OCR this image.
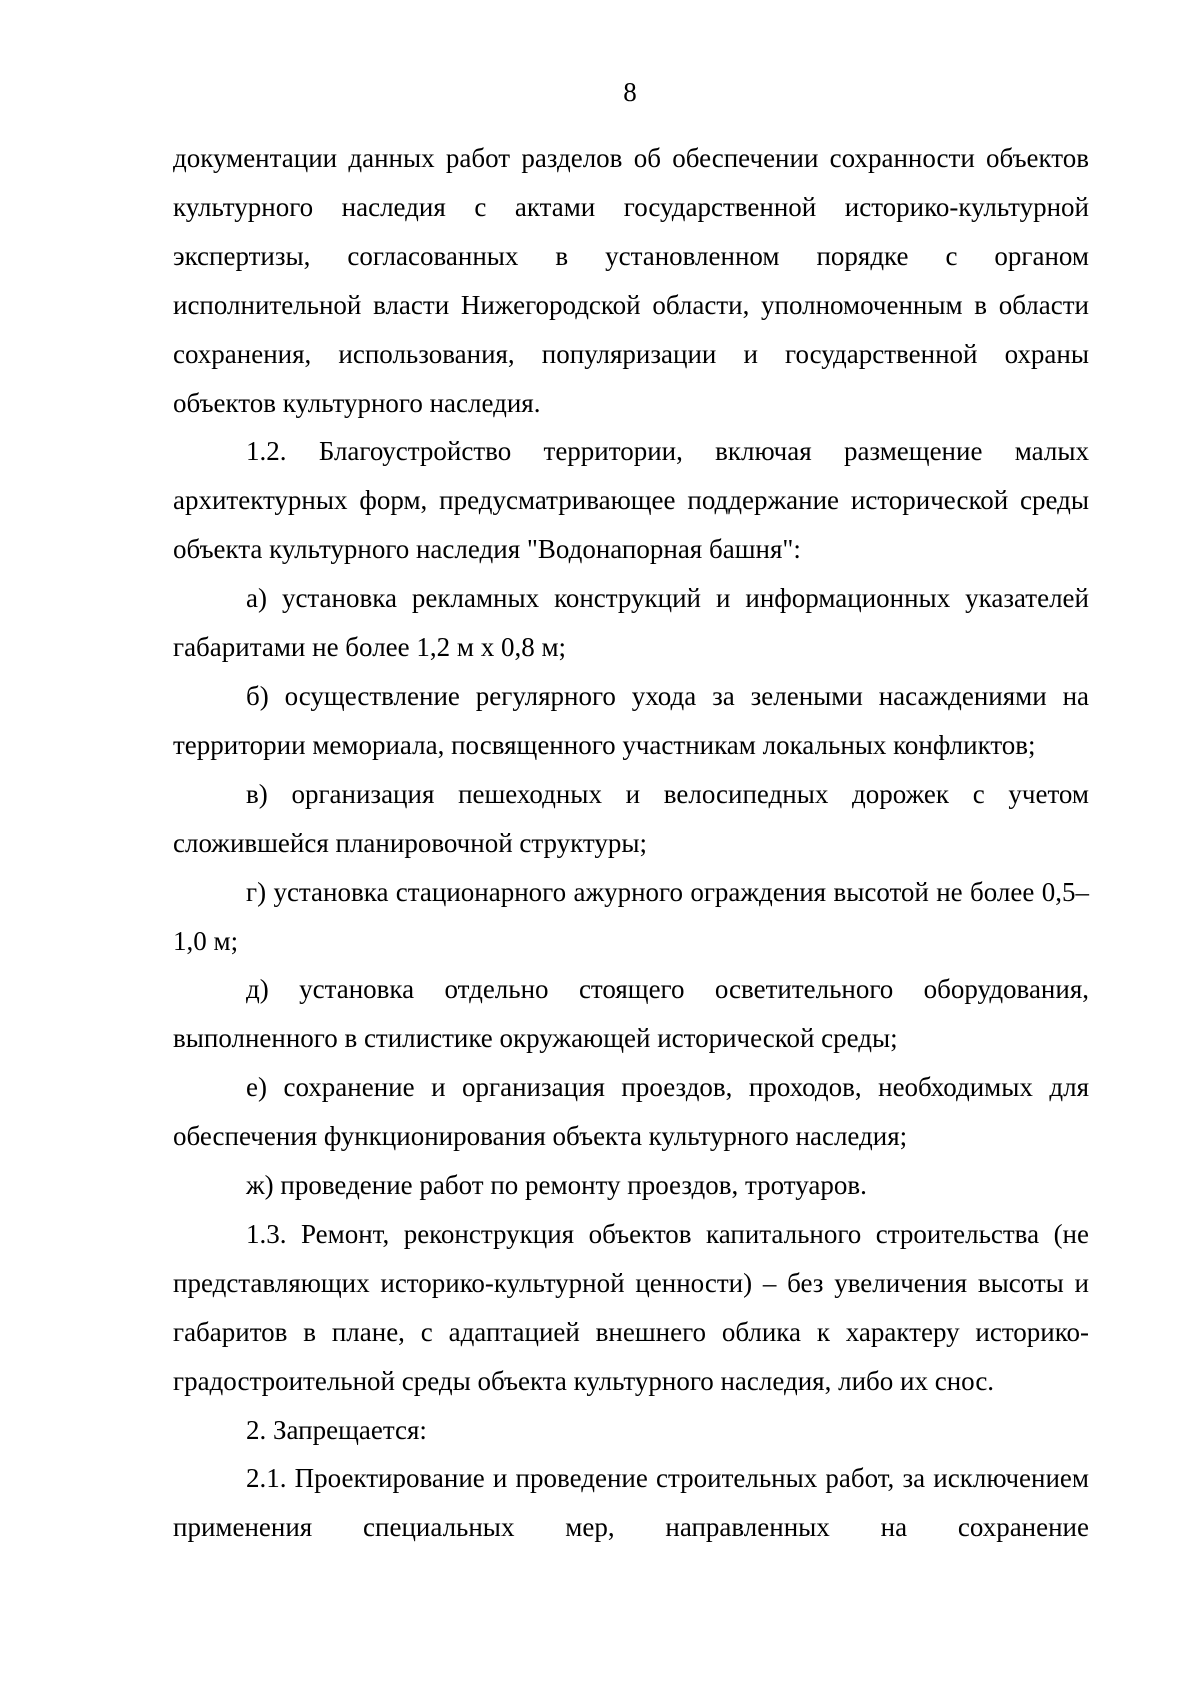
8

документации данных работ разделов об обеспечении сохранности объектов культурного наследия с актами государственной историко-культурной экспертизы, согласованных в установленном порядке с органом исполнительной власти Нижегородской области, уполномоченным в области сохранения, использования, популяризации и государственной охраны объектов культурного наследия.

1.2. Благоустройство территории, включая размещение малых архитектурных форм, предусматривающее поддержание исторической среды объекта культурного наследия "Водонапорная башня":

а) установка рекламных конструкций и информационных указателей габаритами не более 1,2 м х 0,8 м;

б) осуществление регулярного ухода за зелеными насаждениями на территории мемориала, посвященного участникам локальных конфликтов;

в) организация пешеходных и велосипедных дорожек с учетом сложившейся планировочной структуры;

г) установка стационарного ажурного ограждения высотой не более 0,5–1,0 м;

д) установка отдельно стоящего осветительного оборудования, выполненного в стилистике окружающей исторической среды;

е) сохранение и организация проездов, проходов, необходимых для обеспечения функционирования объекта культурного наследия;

ж) проведение работ по ремонту проездов, тротуаров.

1.3. Ремонт, реконструкция объектов капитального строительства (не представляющих историко-культурной ценности) – без увеличения высоты и габаритов в плане, с адаптацией внешнего облика к характеру историко-градостроительной среды объекта культурного наследия, либо их снос.

2. Запрещается:

2.1. Проектирование и проведение строительных работ, за исключением применения специальных мер, направленных на сохранение
